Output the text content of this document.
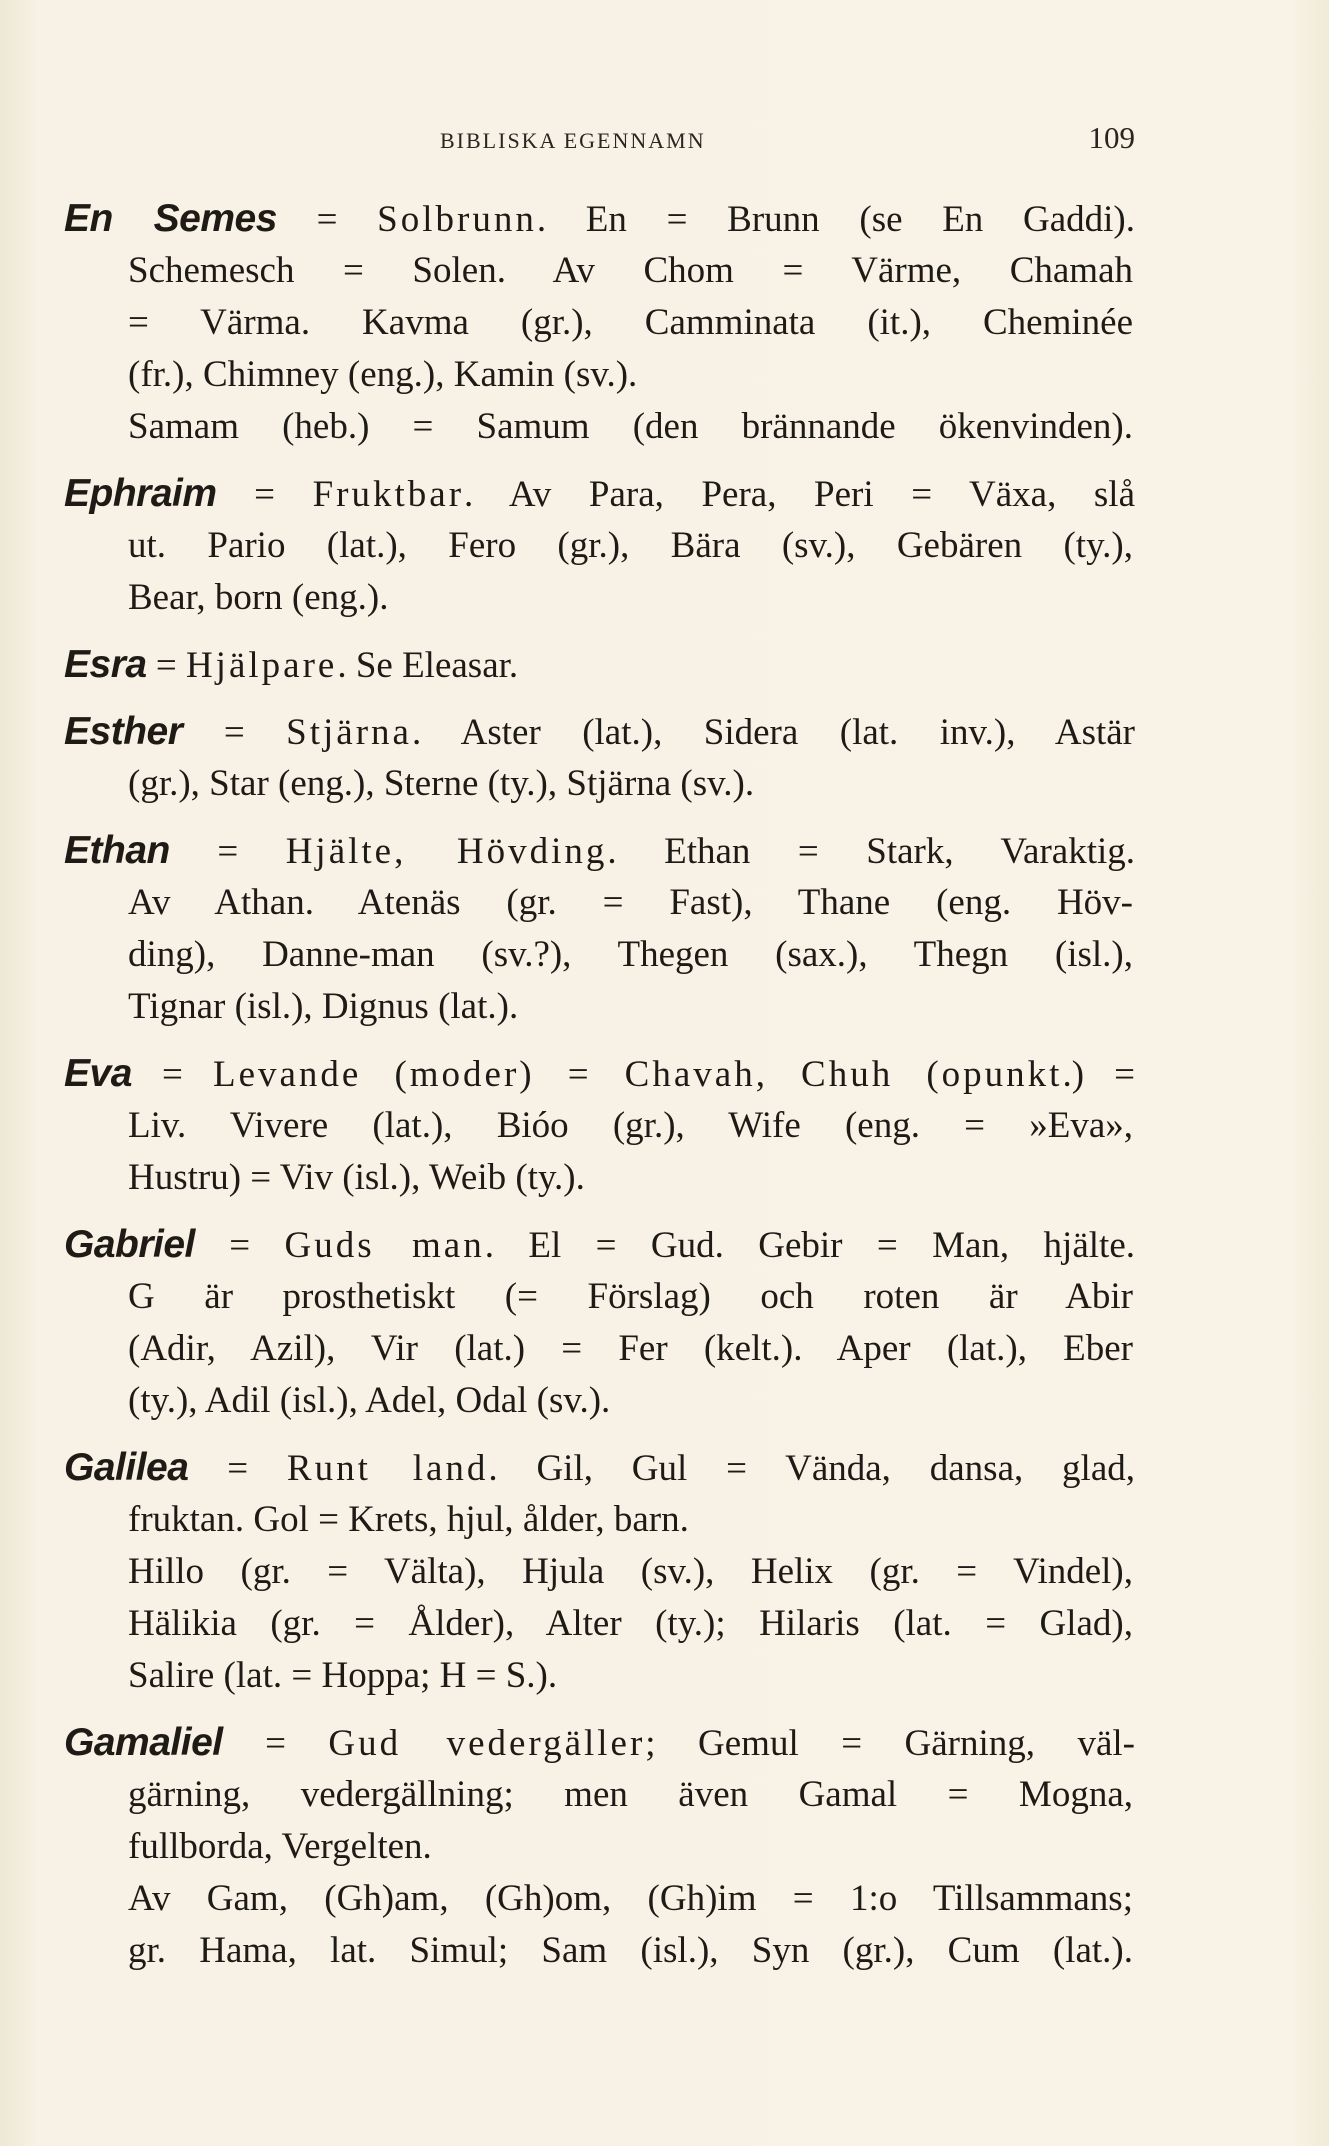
BIBLISKA EGENNAMN	109
En Semes = Solbrunn. En = Brunn (se En Gaddi).
Schemesch = Solen. Av Chom = Värme, Chamah
= Värma. Kavma (gr.), Camminata (it.), Cheminée
(fr.), Chimney (eng.), Kamin (sv.).
Samam (heb.) = Samum (den brännande ökenvinden).
Ephraim = Fruktbar. Av Para, Pera, Peri = Växa, slå
ut. Pario (lat.), Fero (gr.), Bära (sv.), Gebären (ty.),
Bear, born (eng.).
Esra = Hjälpare. Se Eleasar.
Esther = Stjärna. Aster (lat.), Sidera (lat. inv.), Astär
(gr.), Star (eng.), Sterne (ty.), Stjärna (sv.).
Ethan = Hjälte, Hövding. Ethan = Stark, Varaktig.
Av Athan. Atenäs (gr. = Fast), Thane (eng. Höv-
ding), Danne-man (sv.?), Thegen (sax.), Thegn (isl.),
Tignar (isl.), Dignus (lat.).
Eva = Levande (moder) = Chavah, Chuh (opunkt.) =
Liv. Vivere (lat.), Bióo (gr.), Wife (eng. = »Eva»,
Hustru) = Viv (isl.), Weib (ty.).
Gabriel = Guds man. El = Gud. Gebir = Man, hjälte.
G är prosthetiskt (= Förslag) och roten är Abir
(Adir, Azil), Vir (lat.) = Fer (kelt.). Aper (lat.), Eber
(ty.), Adil (isl.), Adel, Odal (sv.).
Galilea = Runt land. Gil, Gul = Vända, dansa, glad,
fruktan. Gol = Krets, hjul, ålder, barn.
Hillo (gr. = Välta), Hjula (sv.), Helix (gr. = Vindel),
Hälikia (gr. = Ålder), Alter (ty.); Hilaris (lat. = Glad),
Salire (lat. = Hoppa; H = S.).
Gamaliel = Gud vedergäller; Gemul = Gärning, väl-
gärning, vedergällning; men även Gamal = Mogna,
fullborda, Vergelten.
Av Gam, (Gh)am, (Gh)om, (Gh)im = 1:o Tillsammans;
gr. Hama, lat. Simul; Sam (isl.), Syn (gr.), Cum (lat.).
